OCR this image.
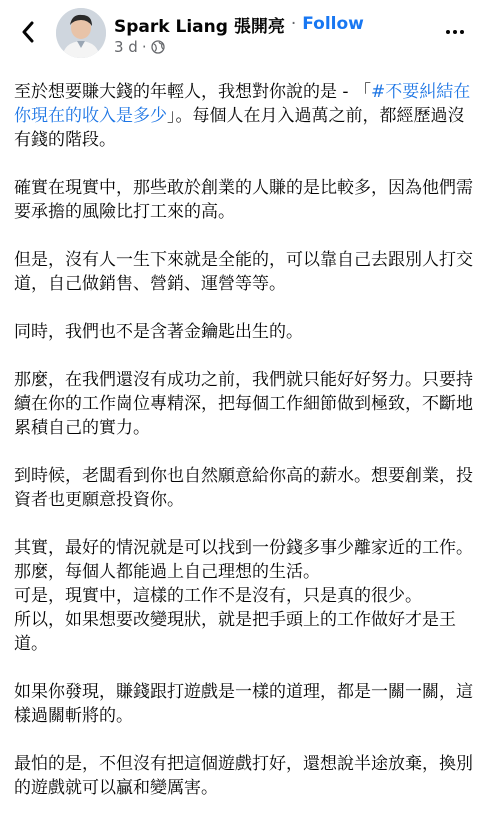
Spark Liang 張開亮 · Follow
3 d ·

至於想要賺大錢的年輕人，我想對你說的是 - 「#不要糾結在你現在的收入是多少」。每個人在月入過萬之前，都經歷過沒有錢的階段。

確實在現實中，那些敢於創業的人賺的是比較多，因為他們需要承擔的風險比打工來的高。

但是，沒有人一生下來就是全能的，可以靠自己去跟別人打交道，自己做銷售、營銷、運營等等。

同時，我們也不是含著金鑰匙出生的。

那麼，在我們還沒有成功之前，我們就只能好好努力。只要持續在你的工作崗位專精深，把每個工作細節做到極致，不斷地累積自己的實力。

到時候，老闆看到你也自然願意給你高的薪水。想要創業，投資者也更願意投資你。

其實，最好的情況就是可以找到一份錢多事少離家近的工作。
那麼，每個人都能過上自己理想的生活。
可是，現實中，這樣的工作不是沒有，只是真的很少。
所以，如果想要改變現狀，就是把手頭上的工作做好才是王道。

如果你發現，賺錢跟打遊戲是一樣的道理，都是一關一關，這樣過關斬將的。

最怕的是，不但沒有把這個遊戲打好，還想說半途放棄，換別的遊戲就可以贏和變厲害。
